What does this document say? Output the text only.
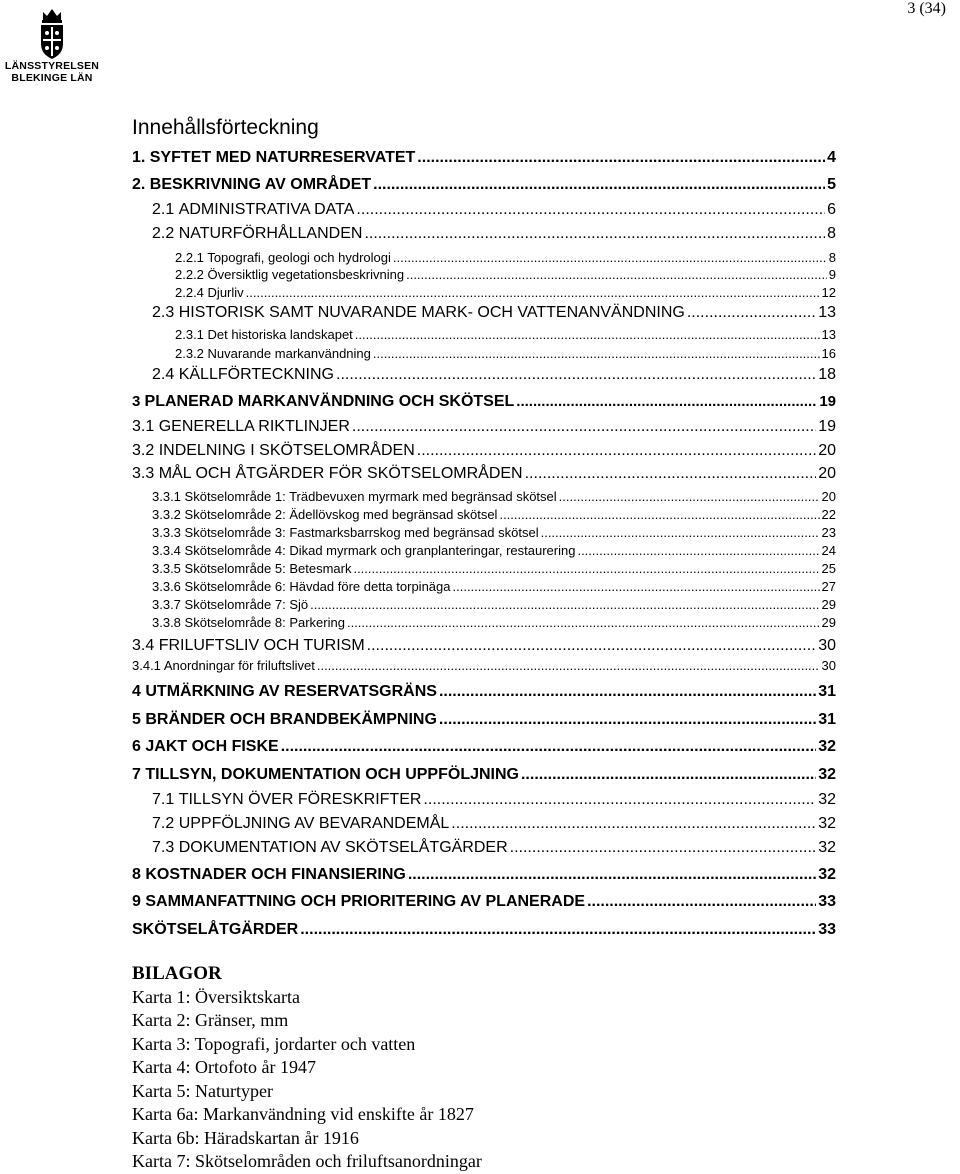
3 (34)
LÄNSSTYRELSEN
BLEKINGE LÄN
Innehållsförteckning
1. SYFTET MED NATURRESERVATET .....	4
2. BESKRIVNING AV OMRÅDET .....	5
2.1 ADMINISTRATIVA DATA .....	6
2.2 NATURFÖRHÅLLANDEN .....	8
2.2.1 Topografi, geologi och hydrologi .....	8
2.2.2 Översiktlig vegetationsbeskrivning .....	9
2.2.4 Djurliv .....	12
2.3 HISTORISK SAMT NUVARANDE MARK- OCH VATTENANVÄNDNING .....	13
2.3.1 Det historiska landskapet .....	13
2.3.2 Nuvarande markanvändning .....	16
2.4 KÄLLFÖRTECKNING .....	18
3 PLANERAD MARKANVÄNDNING OCH SKÖTSEL .....	19
3.1 GENERELLA RIKTLINJER .....	19
3.2 INDELNING I SKÖTSELOMRÅDEN .....	20
3.3 MÅL OCH ÅTGÄRDER FÖR SKÖTSELOMRÅDEN .....	20
3.3.1 Skötselområde 1: Trädbevuxen myrmark med begränsad skötsel .....	20
3.3.2 Skötselområde 2: Ädellövskog med begränsad skötsel .....	22
3.3.3 Skötselområde 3: Fastmarksbarrskog med begränsad skötsel .....	23
3.3.4 Skötselområde 4: Dikad myrmark och granplanteringar, restaurering .....	24
3.3.5 Skötselområde 5: Betesmark .....	25
3.3.6 Skötselområde 6: Hävdad före detta torpinäga .....	27
3.3.7 Skötselområde 7: Sjö .....	29
3.3.8 Skötselområde 8: Parkering .....	29
3.4 FRILUFTSLIV OCH TURISM .....	30
3.4.1 Anordningar för friluftslivet .....	30
4 UTMÄRKNING AV RESERVATSGRÄNS .....	31
5 BRÄNDER OCH BRANDBEKÄMPNING .....	31
6 JAKT OCH FISKE .....	32
7 TILLSYN, DOKUMENTATION OCH UPPFÖLJNING .....	32
7.1 TILLSYN ÖVER FÖRESKRIFTER .....	32
7.2 UPPFÖLJNING AV BEVARANDEMÅL .....	32
7.3 DOKUMENTATION AV SKÖTSELÅTGÄRDER .....	32
8 KOSTNADER OCH FINANSIERING .....	32
9 SAMMANFATTNING OCH PRIORITERING AV PLANERADE .....	33
SKÖTSELÅTGÄRDER .....	33
BILAGOR
Karta 1: Översiktskarta
Karta 2: Gränser, mm
Karta 3: Topografi, jordarter och vatten
Karta 4: Ortofoto år 1947
Karta 5: Naturtyper
Karta 6a: Markanvändning vid enskifte år 1827
Karta 6b: Häradskartan år 1916
Karta 7: Skötselområden och friluftsanordningar
